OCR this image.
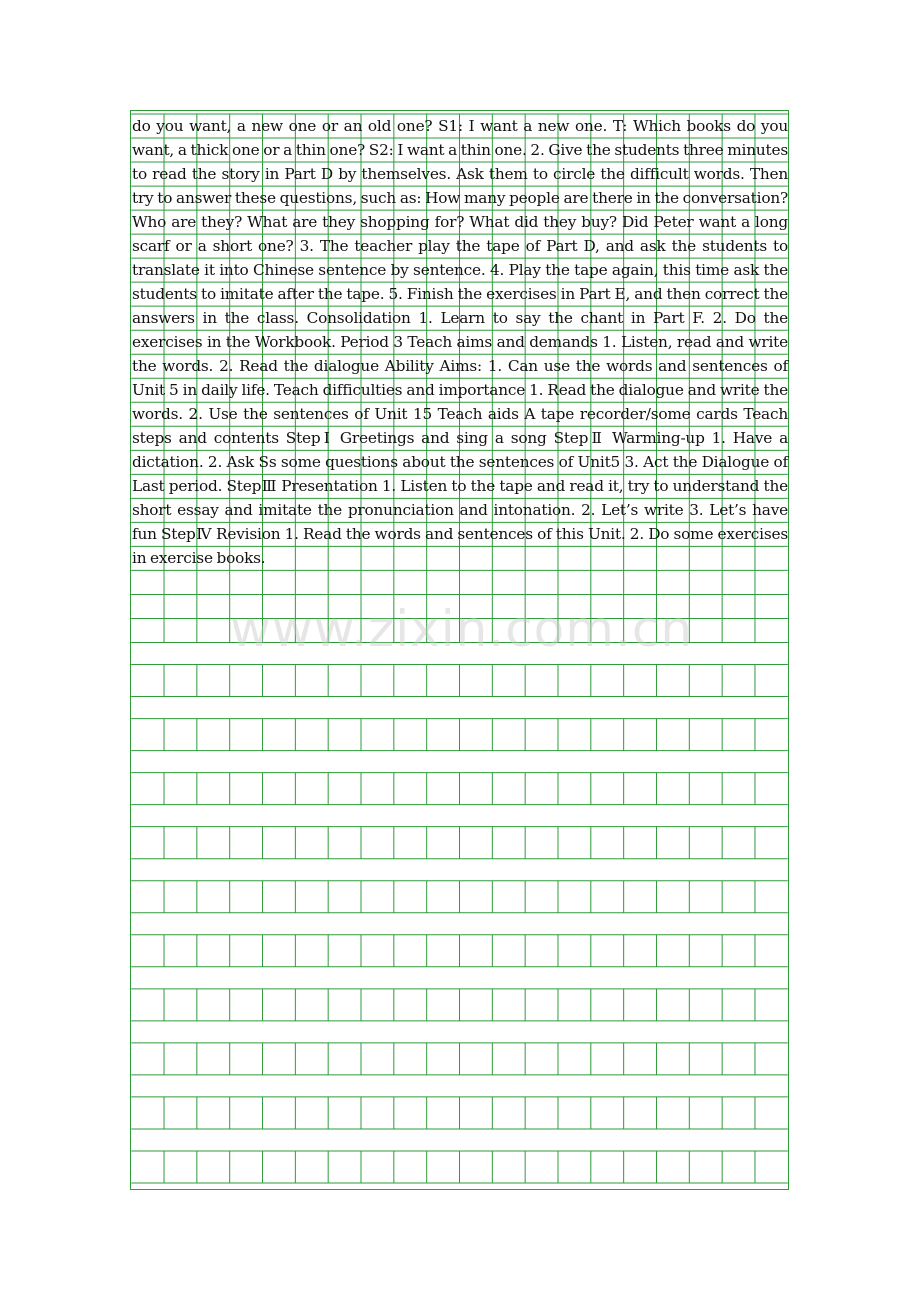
do you want, a new one or an old one? S1: I want a new one. T: Which books do you want, a thick one or a thin one? S2: I want a thin one. 2. Give the students three minutes to read the story in Part D by themselves. Ask them to circle the difficult words. Then try to answer these questions, such as: How many people are there in the conversation? Who are they? What are they shopping for? What did they buy? Did Peter want a long scarf or a short one? 3. The teacher play the tape of Part D, and ask the students to translate it into Chinese sentence by sentence. 4. Play the tape again, this time ask the students to imitate after the tape. 5. Finish the exercises in Part E, and then correct the answers in the class. Consolidation 1. Learn to say the chant in Part F. 2. Do the exercises in the Workbook. Period 3 Teach aims and demands 1. Listen, read and write the words. 2. Read the dialogue Ability Aims: 1. Can use the words and sentences of Unit 5 in daily life. Teach difficulties and importance 1. Read the dialogue and write the words. 2. Use the sentences of Unit 15 Teach aids A tape recorder/some cards Teach steps and contents StepⅠ Greetings and sing a song StepⅡ Warming-up 1. Have a dictation. 2. Ask Ss some questions about the sentences of Unit5 3. Act the Dialogue of Last period. StepⅢ Presentation 1. Listen to the tape and read it, try to understand the short essay and imitate the pronunciation and intonation. 2. Let’s write 3. Let’s have fun StepⅣ Revision 1. Read the words and sentences of this Unit. 2. Do some exercises in exercise books.

www.zixin.com.cn
